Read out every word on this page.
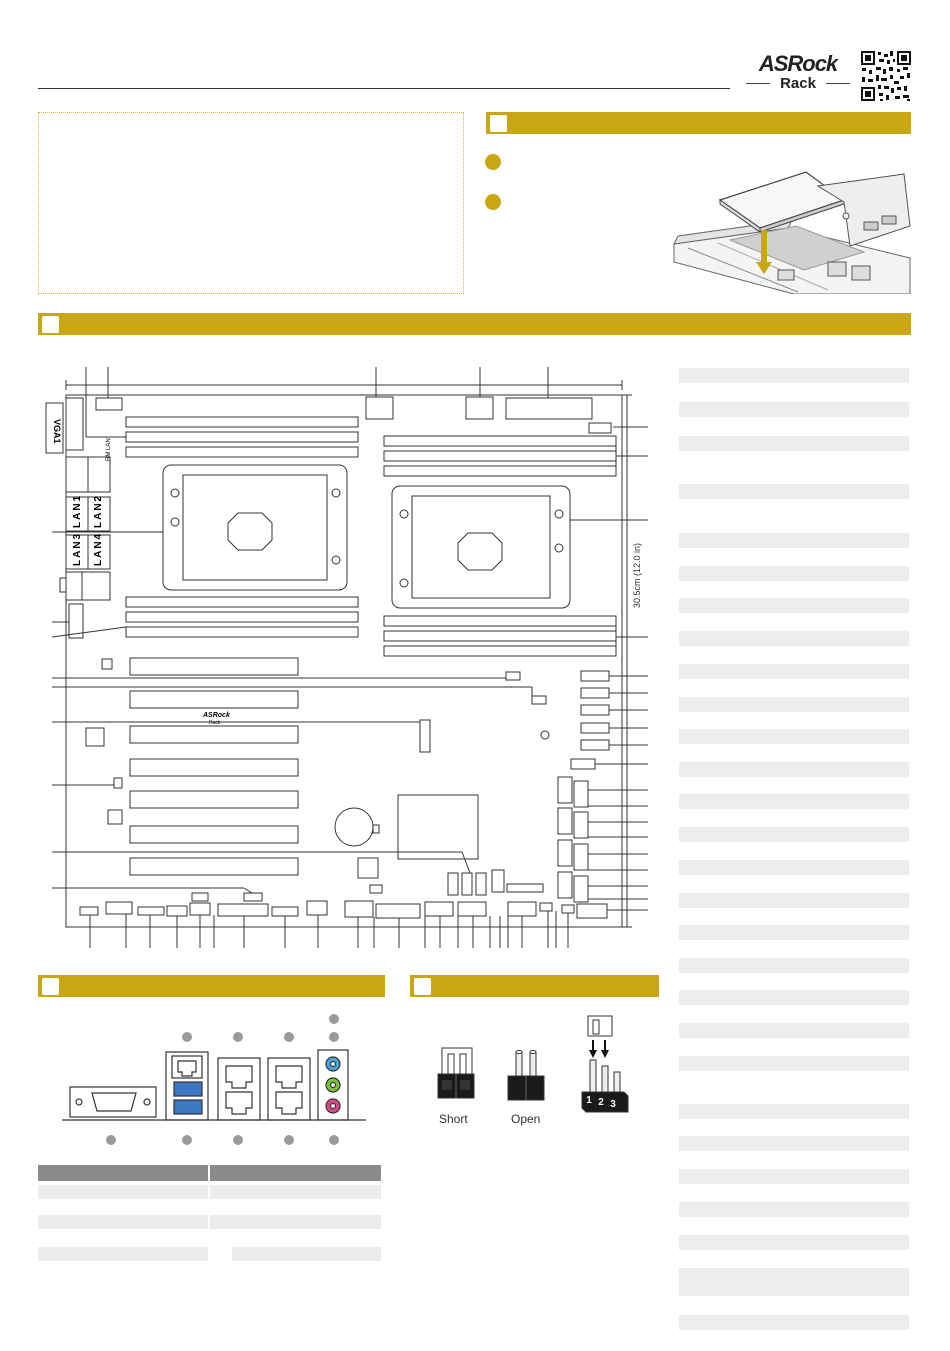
ASRock
Rack
VGA1
RM LAN
LAN1 LAN2
LAN3 LAN4
ASRock
Rack
30.5cm (12.0 in)
Short	Open
1 2 3
